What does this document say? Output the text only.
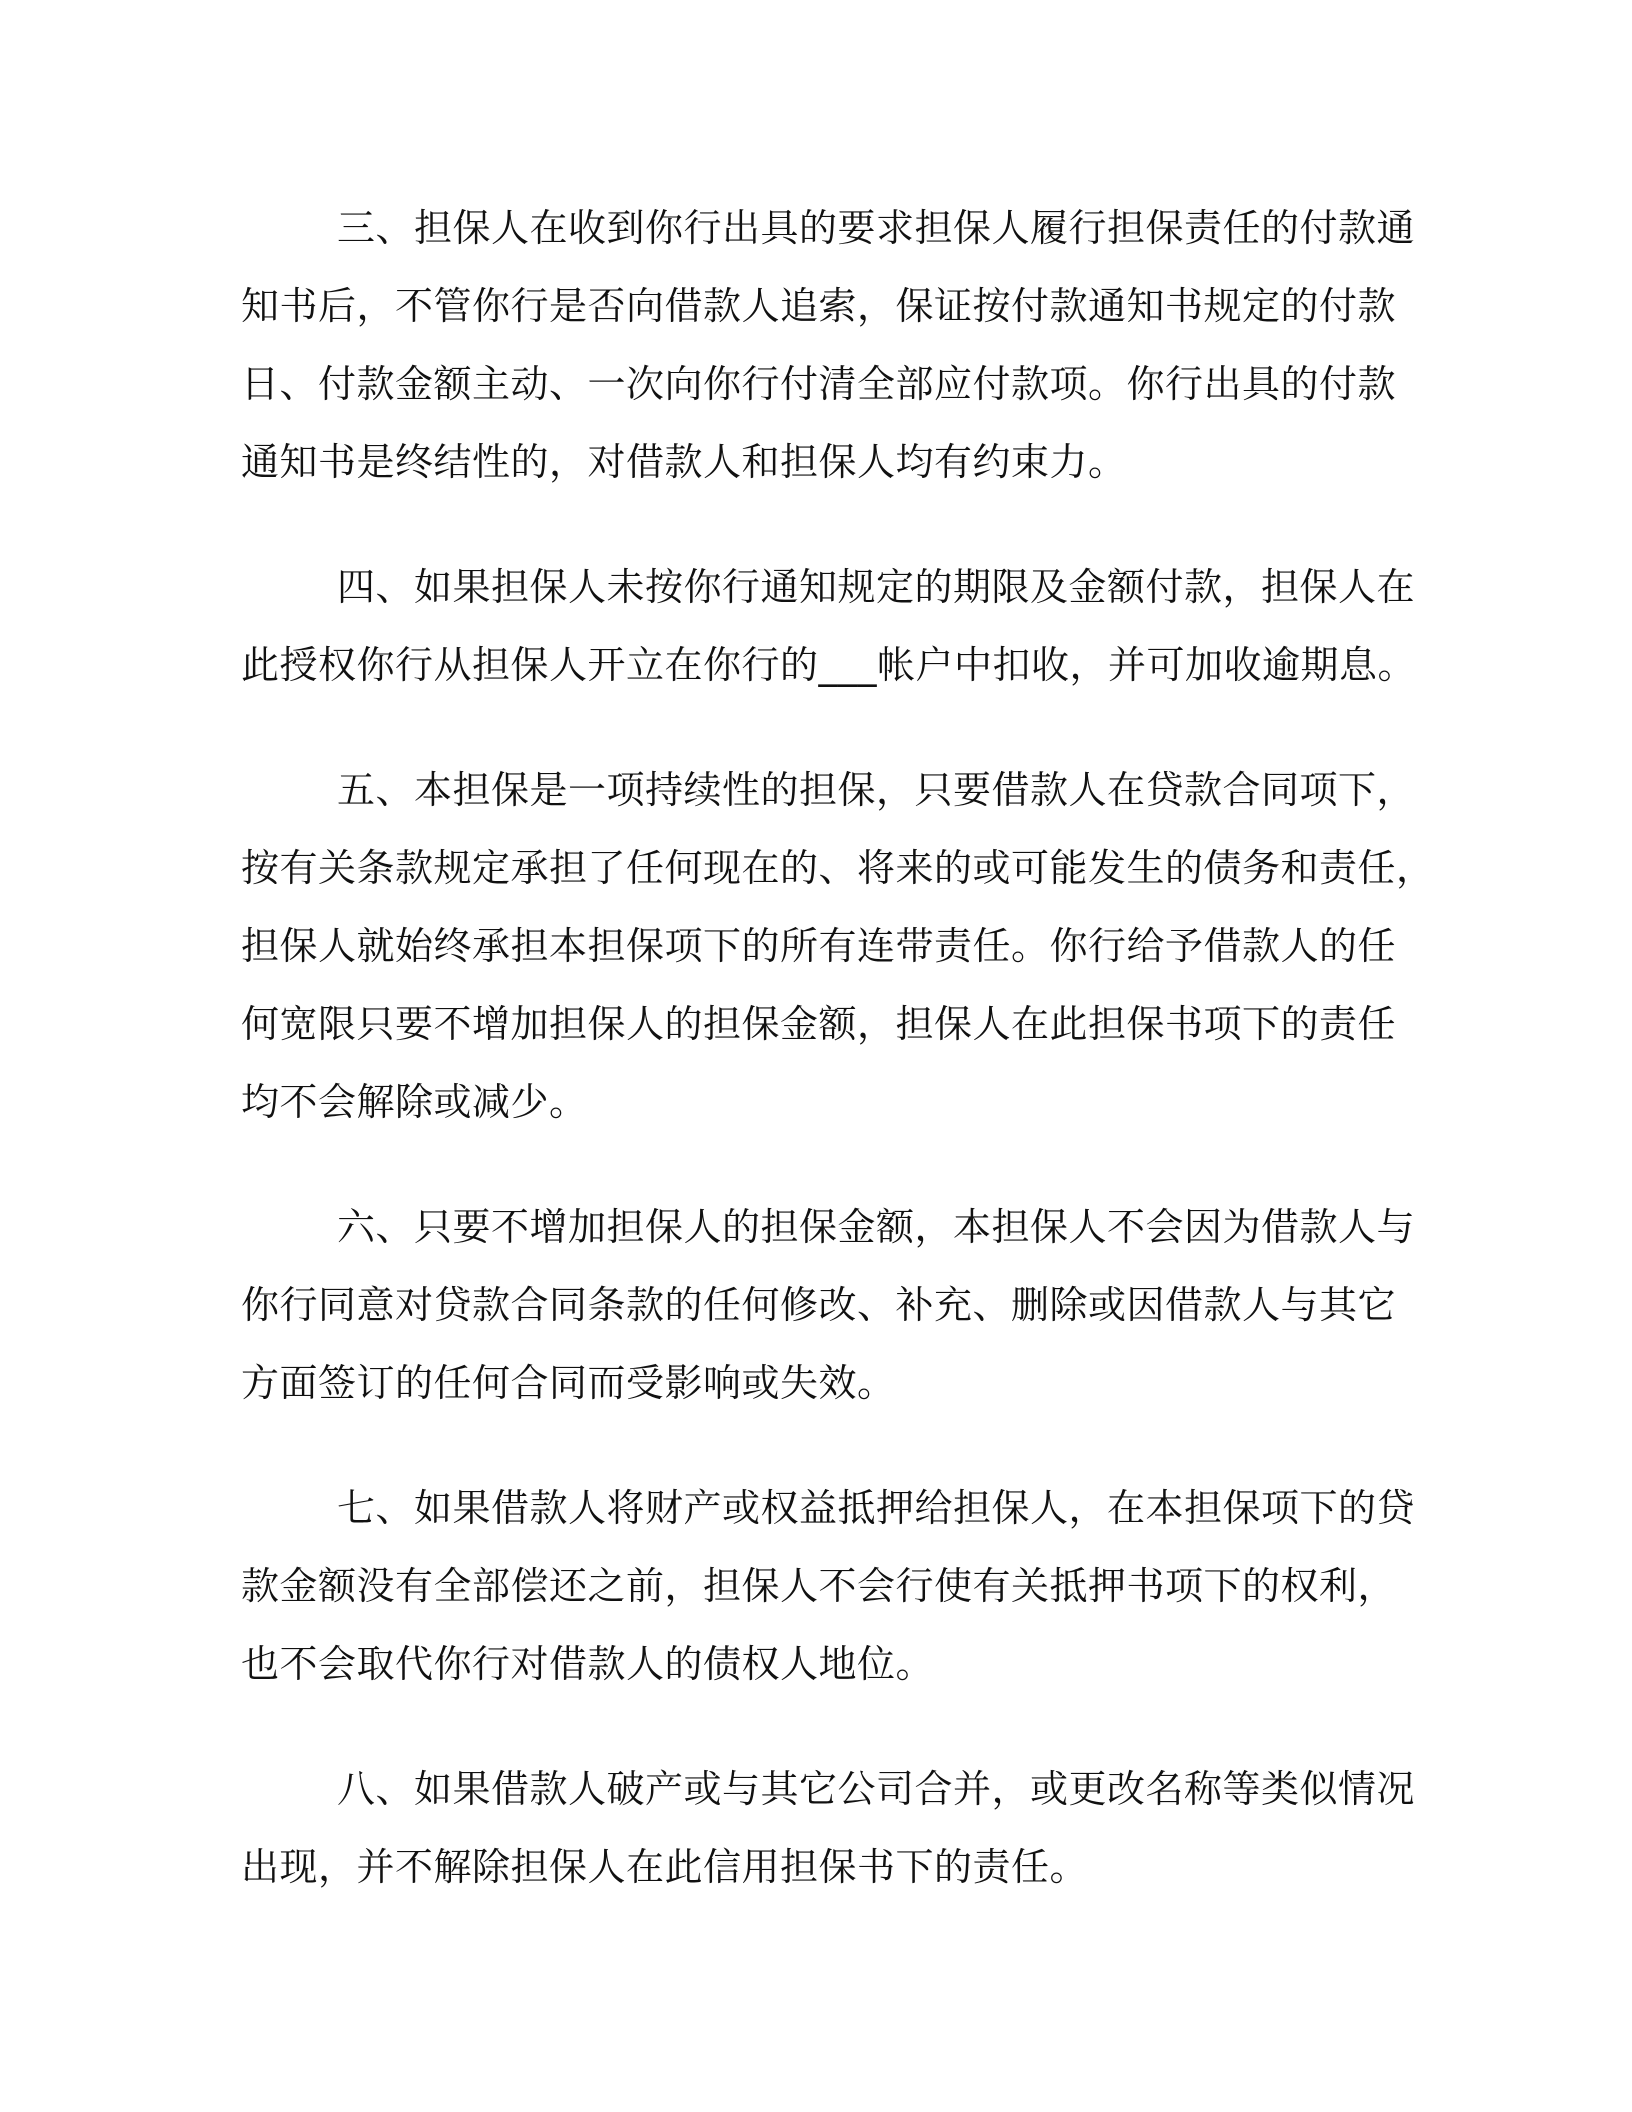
三、担保人在收到你行出具的要求担保人履行担保责任的付款通
知书后，不管你行是否向借款人追索，保证按付款通知书规定的付款
日、付款金额主动、一次向你行付清全部应付款项。你行出具的付款
通知书是终结性的，对借款人和担保人均有约束力。

四、如果担保人未按你行通知规定的期限及金额付款，担保人在
此授权你行从担保人开立在你行的___帐户中扣收，并可加收逾期息。

五、本担保是一项持续性的担保，只要借款人在贷款合同项下，
按有关条款规定承担了任何现在的、将来的或可能发生的债务和责任，
担保人就始终承担本担保项下的所有连带责任。你行给予借款人的任
何宽限只要不增加担保人的担保金额，担保人在此担保书项下的责任
均不会解除或减少。

六、只要不增加担保人的担保金额，本担保人不会因为借款人与
你行同意对贷款合同条款的任何修改、补充、删除或因借款人与其它
方面签订的任何合同而受影响或失效。

七、如果借款人将财产或权益抵押给担保人，在本担保项下的贷
款金额没有全部偿还之前，担保人不会行使有关抵押书项下的权利，
也不会取代你行对借款人的债权人地位。

八、如果借款人破产或与其它公司合并，或更改名称等类似情况
出现，并不解除担保人在此信用担保书下的责任。
